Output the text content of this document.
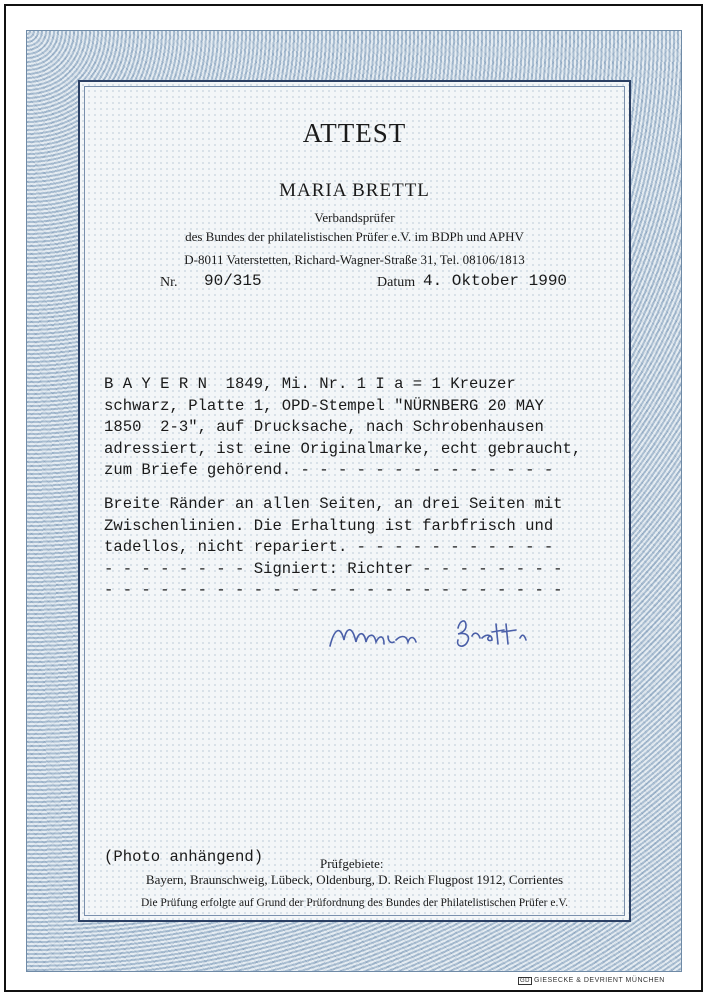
ATTEST
MARIA BRETTL
Verbandsprüfer
des Bundes der philatelistischen Prüfer e.V. im BDPh und APHV
D-8011 Vaterstetten, Richard-Wagner-Straße 31, Tel. 08106/1813
Nr. 90/315	Datum 4. Oktober 1990
B A Y E R N  1849, Mi. Nr. 1 I a = 1 Kreuzer
schwarz, Platte 1, OPD-Stempel "NÜRNBERG 20 MAY
1850  2-3", auf Drucksache, nach Schrobenhausen
adressiert, ist eine Originalmarke, echt gebraucht,
zum Briefe gehörend. - - - - - - - - - - - - - -
Breite Ränder an allen Seiten, an drei Seiten mit
Zwischenlinien. Die Erhaltung ist farbfrisch und
tadellos, nicht repariert. - - - - - - - - - - -
- - - - - - - - Signiert: Richter - - - - - - - -
- - - - - - - - - - - - - - - - - - - - - - - - -
(Photo anhängend)	Prüfgebiete:
Bayern, Braunschweig, Lübeck, Oldenburg, D. Reich Flugpost 1912, Corrientes
Die Prüfung erfolgte auf Grund der Prüfordnung des Bundes der Philatelistischen Prüfer e.V.
GD GIESECKE & DEVRIENT MÜNCHEN
